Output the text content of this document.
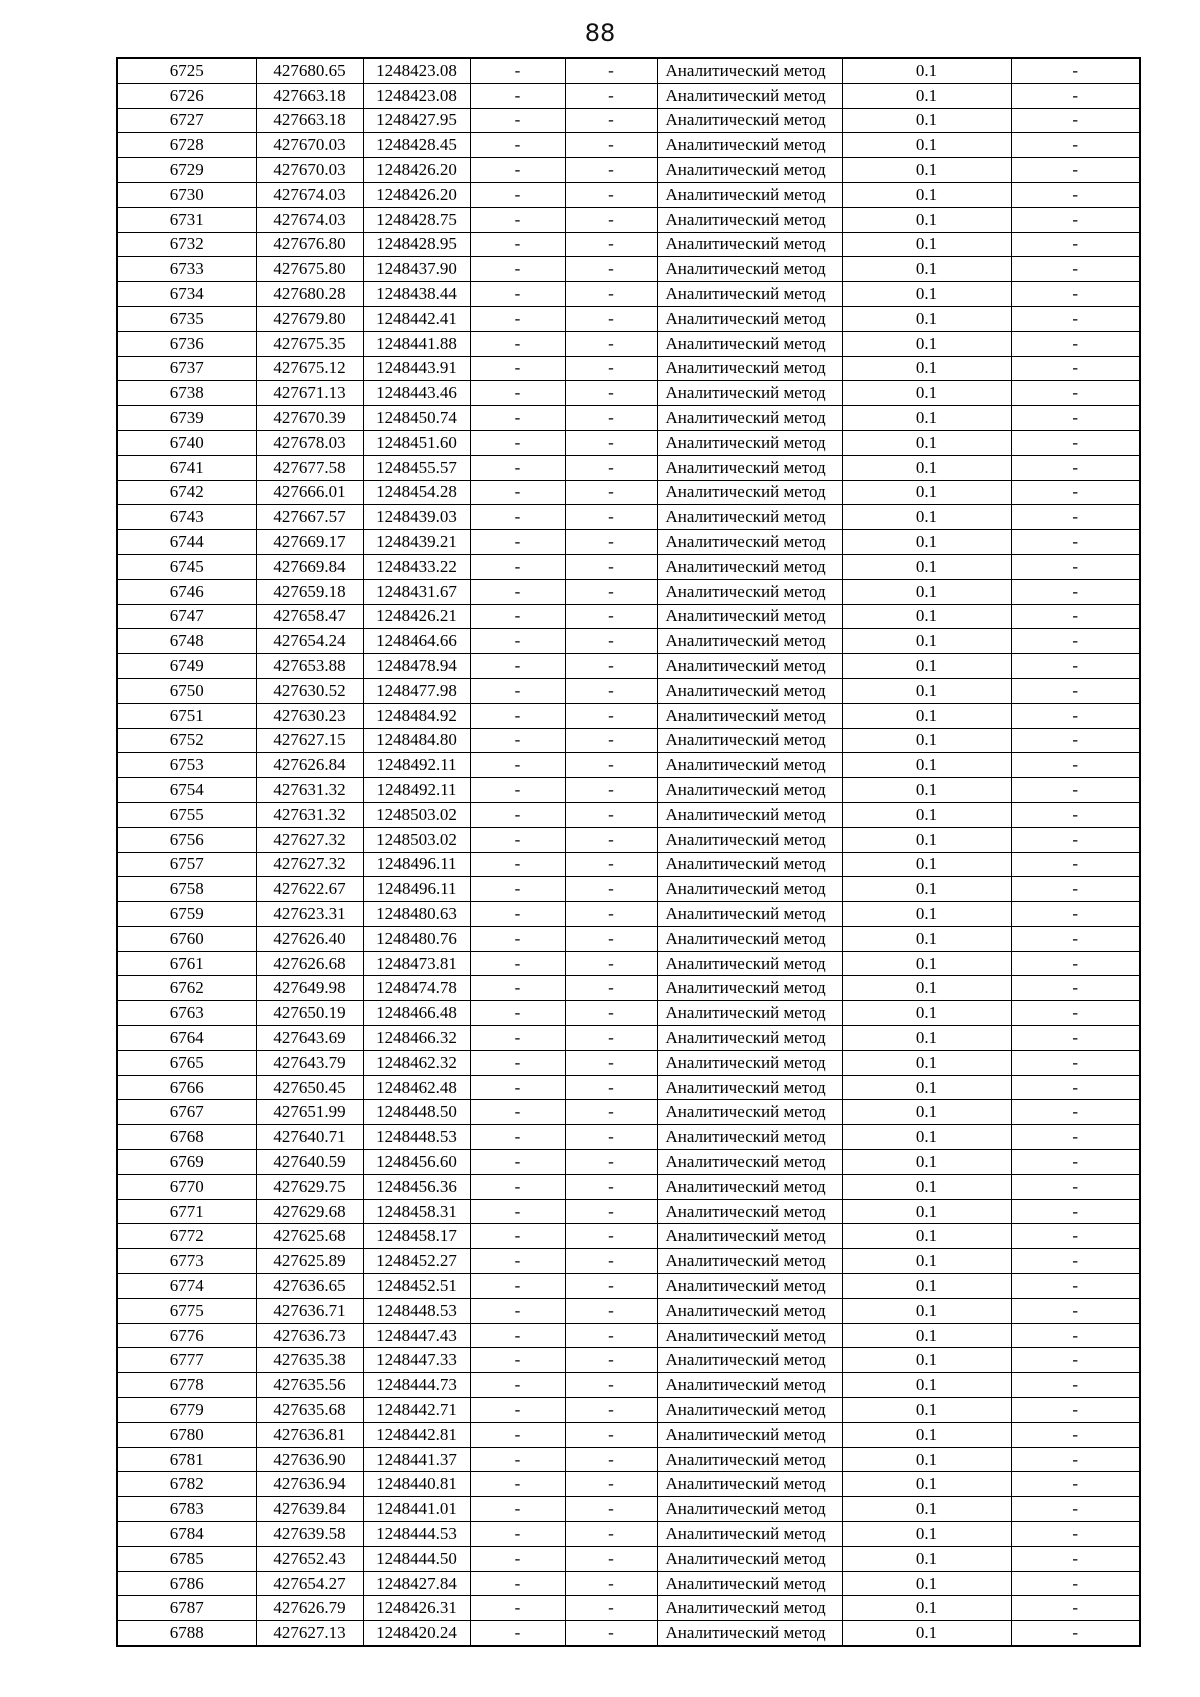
88
6725	427680.65	1248423.08	-	-	Аналитический метод	0.1	-
6726	427663.18	1248423.08	-	-	Аналитический метод	0.1	-
6727	427663.18	1248427.95	-	-	Аналитический метод	0.1	-
6728	427670.03	1248428.45	-	-	Аналитический метод	0.1	-
6729	427670.03	1248426.20	-	-	Аналитический метод	0.1	-
6730	427674.03	1248426.20	-	-	Аналитический метод	0.1	-
6731	427674.03	1248428.75	-	-	Аналитический метод	0.1	-
6732	427676.80	1248428.95	-	-	Аналитический метод	0.1	-
6733	427675.80	1248437.90	-	-	Аналитический метод	0.1	-
6734	427680.28	1248438.44	-	-	Аналитический метод	0.1	-
6735	427679.80	1248442.41	-	-	Аналитический метод	0.1	-
6736	427675.35	1248441.88	-	-	Аналитический метод	0.1	-
6737	427675.12	1248443.91	-	-	Аналитический метод	0.1	-
6738	427671.13	1248443.46	-	-	Аналитический метод	0.1	-
6739	427670.39	1248450.74	-	-	Аналитический метод	0.1	-
6740	427678.03	1248451.60	-	-	Аналитический метод	0.1	-
6741	427677.58	1248455.57	-	-	Аналитический метод	0.1	-
6742	427666.01	1248454.28	-	-	Аналитический метод	0.1	-
6743	427667.57	1248439.03	-	-	Аналитический метод	0.1	-
6744	427669.17	1248439.21	-	-	Аналитический метод	0.1	-
6745	427669.84	1248433.22	-	-	Аналитический метод	0.1	-
6746	427659.18	1248431.67	-	-	Аналитический метод	0.1	-
6747	427658.47	1248426.21	-	-	Аналитический метод	0.1	-
6748	427654.24	1248464.66	-	-	Аналитический метод	0.1	-
6749	427653.88	1248478.94	-	-	Аналитический метод	0.1	-
6750	427630.52	1248477.98	-	-	Аналитический метод	0.1	-
6751	427630.23	1248484.92	-	-	Аналитический метод	0.1	-
6752	427627.15	1248484.80	-	-	Аналитический метод	0.1	-
6753	427626.84	1248492.11	-	-	Аналитический метод	0.1	-
6754	427631.32	1248492.11	-	-	Аналитический метод	0.1	-
6755	427631.32	1248503.02	-	-	Аналитический метод	0.1	-
6756	427627.32	1248503.02	-	-	Аналитический метод	0.1	-
6757	427627.32	1248496.11	-	-	Аналитический метод	0.1	-
6758	427622.67	1248496.11	-	-	Аналитический метод	0.1	-
6759	427623.31	1248480.63	-	-	Аналитический метод	0.1	-
6760	427626.40	1248480.76	-	-	Аналитический метод	0.1	-
6761	427626.68	1248473.81	-	-	Аналитический метод	0.1	-
6762	427649.98	1248474.78	-	-	Аналитический метод	0.1	-
6763	427650.19	1248466.48	-	-	Аналитический метод	0.1	-
6764	427643.69	1248466.32	-	-	Аналитический метод	0.1	-
6765	427643.79	1248462.32	-	-	Аналитический метод	0.1	-
6766	427650.45	1248462.48	-	-	Аналитический метод	0.1	-
6767	427651.99	1248448.50	-	-	Аналитический метод	0.1	-
6768	427640.71	1248448.53	-	-	Аналитический метод	0.1	-
6769	427640.59	1248456.60	-	-	Аналитический метод	0.1	-
6770	427629.75	1248456.36	-	-	Аналитический метод	0.1	-
6771	427629.68	1248458.31	-	-	Аналитический метод	0.1	-
6772	427625.68	1248458.17	-	-	Аналитический метод	0.1	-
6773	427625.89	1248452.27	-	-	Аналитический метод	0.1	-
6774	427636.65	1248452.51	-	-	Аналитический метод	0.1	-
6775	427636.71	1248448.53	-	-	Аналитический метод	0.1	-
6776	427636.73	1248447.43	-	-	Аналитический метод	0.1	-
6777	427635.38	1248447.33	-	-	Аналитический метод	0.1	-
6778	427635.56	1248444.73	-	-	Аналитический метод	0.1	-
6779	427635.68	1248442.71	-	-	Аналитический метод	0.1	-
6780	427636.81	1248442.81	-	-	Аналитический метод	0.1	-
6781	427636.90	1248441.37	-	-	Аналитический метод	0.1	-
6782	427636.94	1248440.81	-	-	Аналитический метод	0.1	-
6783	427639.84	1248441.01	-	-	Аналитический метод	0.1	-
6784	427639.58	1248444.53	-	-	Аналитический метод	0.1	-
6785	427652.43	1248444.50	-	-	Аналитический метод	0.1	-
6786	427654.27	1248427.84	-	-	Аналитический метод	0.1	-
6787	427626.79	1248426.31	-	-	Аналитический метод	0.1	-
6788	427627.13	1248420.24	-	-	Аналитический метод	0.1	-
